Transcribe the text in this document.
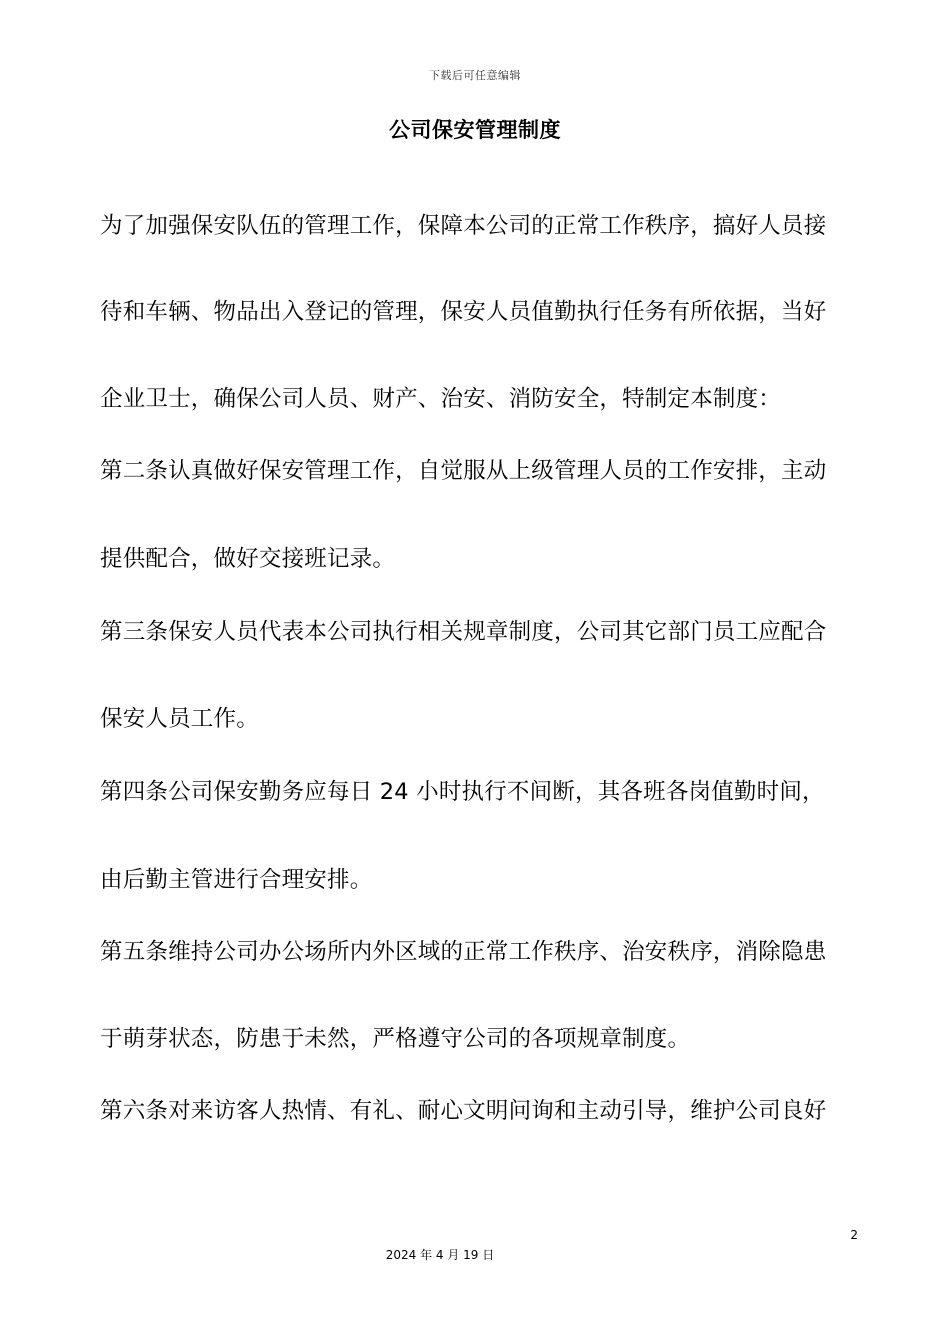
下载后可任意编辑
公司保安管理制度
为了加强保安队伍的管理工作，保障本公司的正常工作秩序，搞好人员接
待和车辆、物品出入登记的管理，保安人员值勤执行任务有所依据，当好
企业卫士，确保公司人员、财产、治安、消防安全，特制定本制度：
第二条认真做好保安管理工作，自觉服从上级管理人员的工作安排，主动
提供配合，做好交接班记录。
第三条保安人员代表本公司执行相关规章制度，公司其它部门员工应配合
保安人员工作。
第四条公司保安勤务应每日 24 小时执行不间断，其各班各岗值勤时间，
由后勤主管进行合理安排。
第五条维持公司办公场所内外区域的正常工作秩序、治安秩序，消除隐患
于萌芽状态，防患于未然，严格遵守公司的各项规章制度。
第六条对来访客人热情、有礼、耐心文明问询和主动引导，维护公司良好
2
2024 年 4 月 19 日
